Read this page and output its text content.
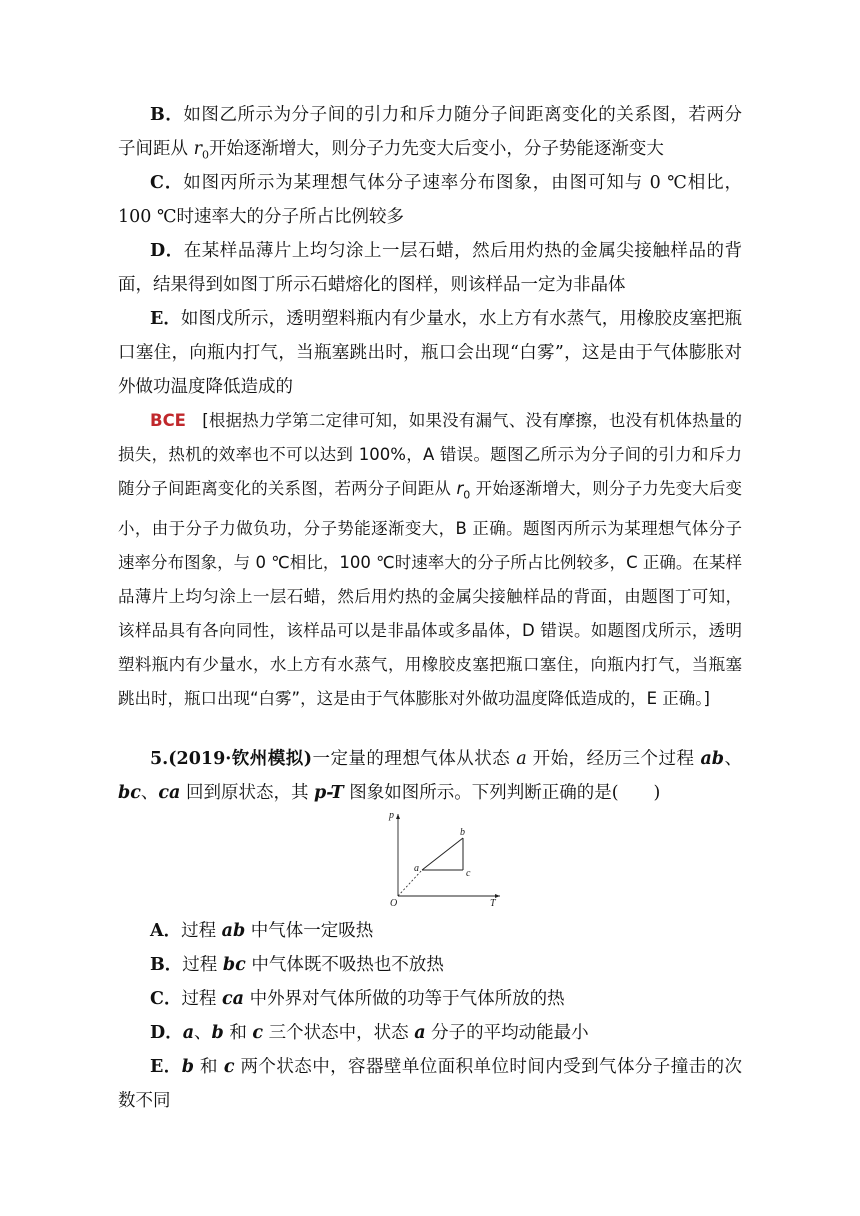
B．如图乙所示为分子间的引力和斥力随分子间距离变化的关系图，若两分子间距从 $r_0$开始逐渐增大，则分子力先变大后变小，分子势能逐渐变大

C．如图丙所示为某理想气体分子速率分布图象，由图可知与 0 ℃相比，100 ℃时速率大的分子所占比例较多

D．在某样品薄片上均匀涂上一层石蜡，然后用灼热的金属尖接触样品的背面，结果得到如图丁所示石蜡熔化的图样，则该样品一定为非晶体

E．如图戊所示，透明塑料瓶内有少量水，水上方有水蒸气，用橡胶皮塞把瓶口塞住，向瓶内打气，当瓶塞跳出时，瓶口会出现“白雾”，这是由于气体膨胀对外做功温度降低造成的

BCE [根据热力学第二定律可知，如果没有漏气、没有摩擦，也没有机体热量的损失，热机的效率也不可以达到 100%，A 错误。题图乙所示为分子间的引力和斥力随分子间距离变化的关系图，若两分子间距从 $r_0$ 开始逐渐增大，则分子力先变大后变小，由于分子力做负功，分子势能逐渐变大，B 正确。题图丙所示为某理想气体分子速率分布图象，与 0 ℃相比，100 ℃时速率大的分子所占比例较多，C 正确。在某样品薄片上均匀涂上一层石蜡，然后用灼热的金属尖接触样品的背面，由题图丁可知，该样品具有各向同性，该样品可以是非晶体或多晶体，D 错误。如题图戊所示，透明塑料瓶内有少量水，水上方有水蒸气，用橡胶皮塞把瓶口塞住，向瓶内打气，当瓶塞跳出时，瓶口出现“白雾”，这是由于气体膨胀对外做功温度降低造成的，E 正确。]

5.(2019·钦州模拟)一定量的理想气体从状态 a 开始，经历三个过程 ab、bc、ca 回到原状态，其 p-T 图象如图所示。下列判断正确的是(　　)

p
T
O
a
b
c

A．过程 ab 中气体一定吸热

B．过程 bc 中气体既不吸热也不放热

C．过程 ca 中外界对气体所做的功等于气体所放的热

D．a、b 和 c 三个状态中，状态 a 分子的平均动能最小

E．b 和 c 两个状态中，容器壁单位面积单位时间内受到气体分子撞击的次数不同
